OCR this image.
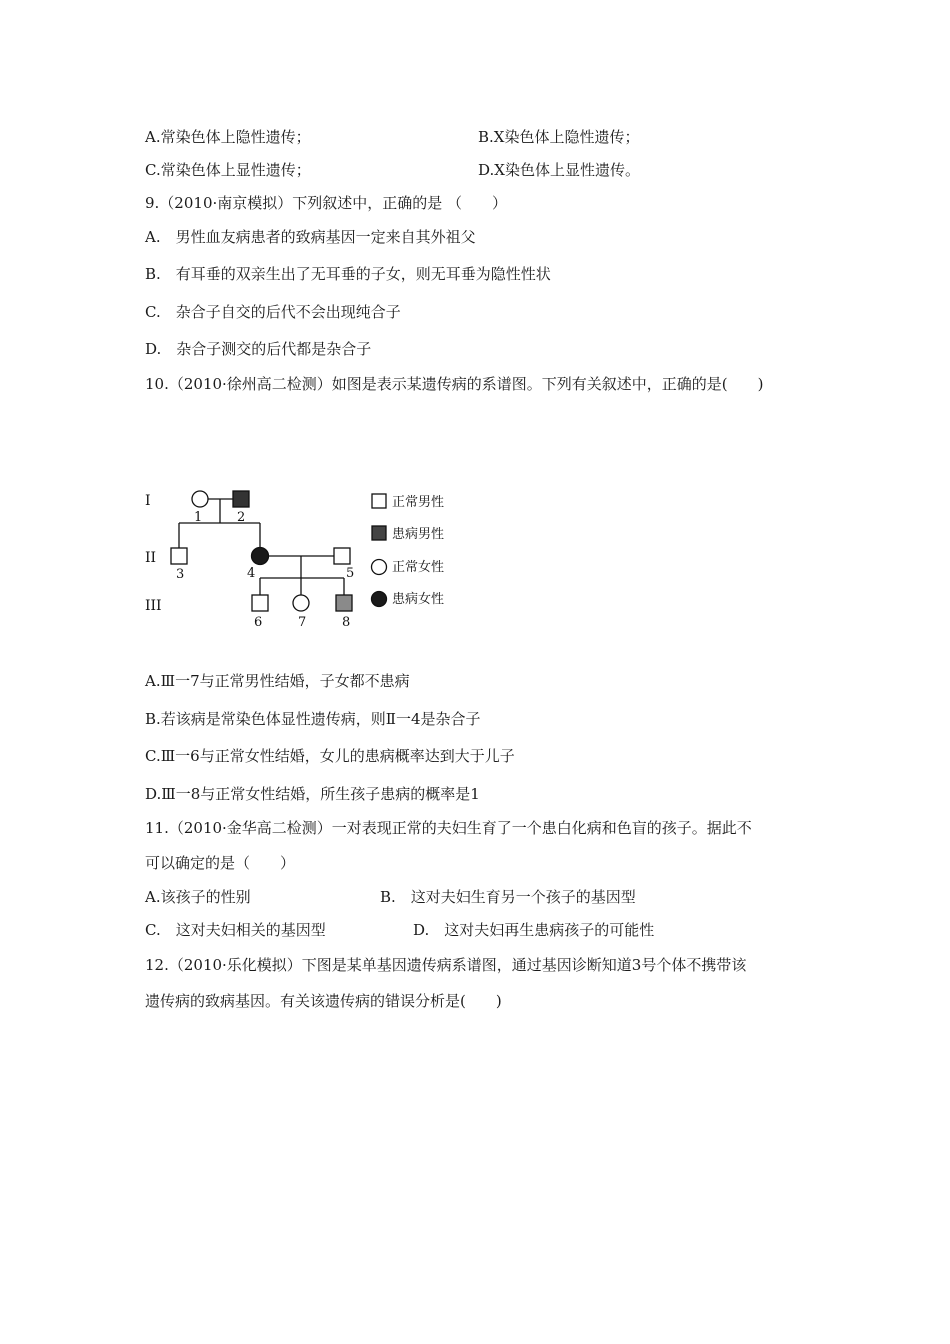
A.常染色体上隐性遗传；	B.X染色体上隐性遗传；
C.常染色体上显性遗传；	D.X染色体上显性遗传。
9.（2010·南京模拟）下列叙述中，正确的是 （　　）
A.　男性血友病患者的致病基因一定来自其外祖父
B.　有耳垂的双亲生出了无耳垂的子女，则无耳垂为隐性性状
C.　杂合子自交的后代不会出现纯合子
D.　杂合子测交的后代都是杂合子
10.（2010·徐州高二检测）如图是表示某遗传病的系谱图。下列有关叙述中，正确的是(　　)
I
II
III
1	2
3	4	5
6	7	8
正常男性
患病男性
正常女性
患病女性
A.Ⅲ一7与正常男性结婚，子女都不患病
B.若该病是常染色体显性遗传病，则Ⅱ一4是杂合子
C.Ⅲ一6与正常女性结婚，女儿的患病概率达到大于儿子
D.Ⅲ一8与正常女性结婚，所生孩子患病的概率是1
11.（2010·金华高二检测）一对表现正常的夫妇生育了一个患白化病和色盲的孩子。据此不
可以确定的是（　　）
A.该孩子的性别	B.　这对夫妇生育另一个孩子的基因型
C.　这对夫妇相关的基因型	D.　这对夫妇再生患病孩子的可能性
12.（2010·乐化模拟）下图是某单基因遗传病系谱图，通过基因诊断知道3号个体不携带该
遗传病的致病基因。有关该遗传病的错误分析是(　　)
